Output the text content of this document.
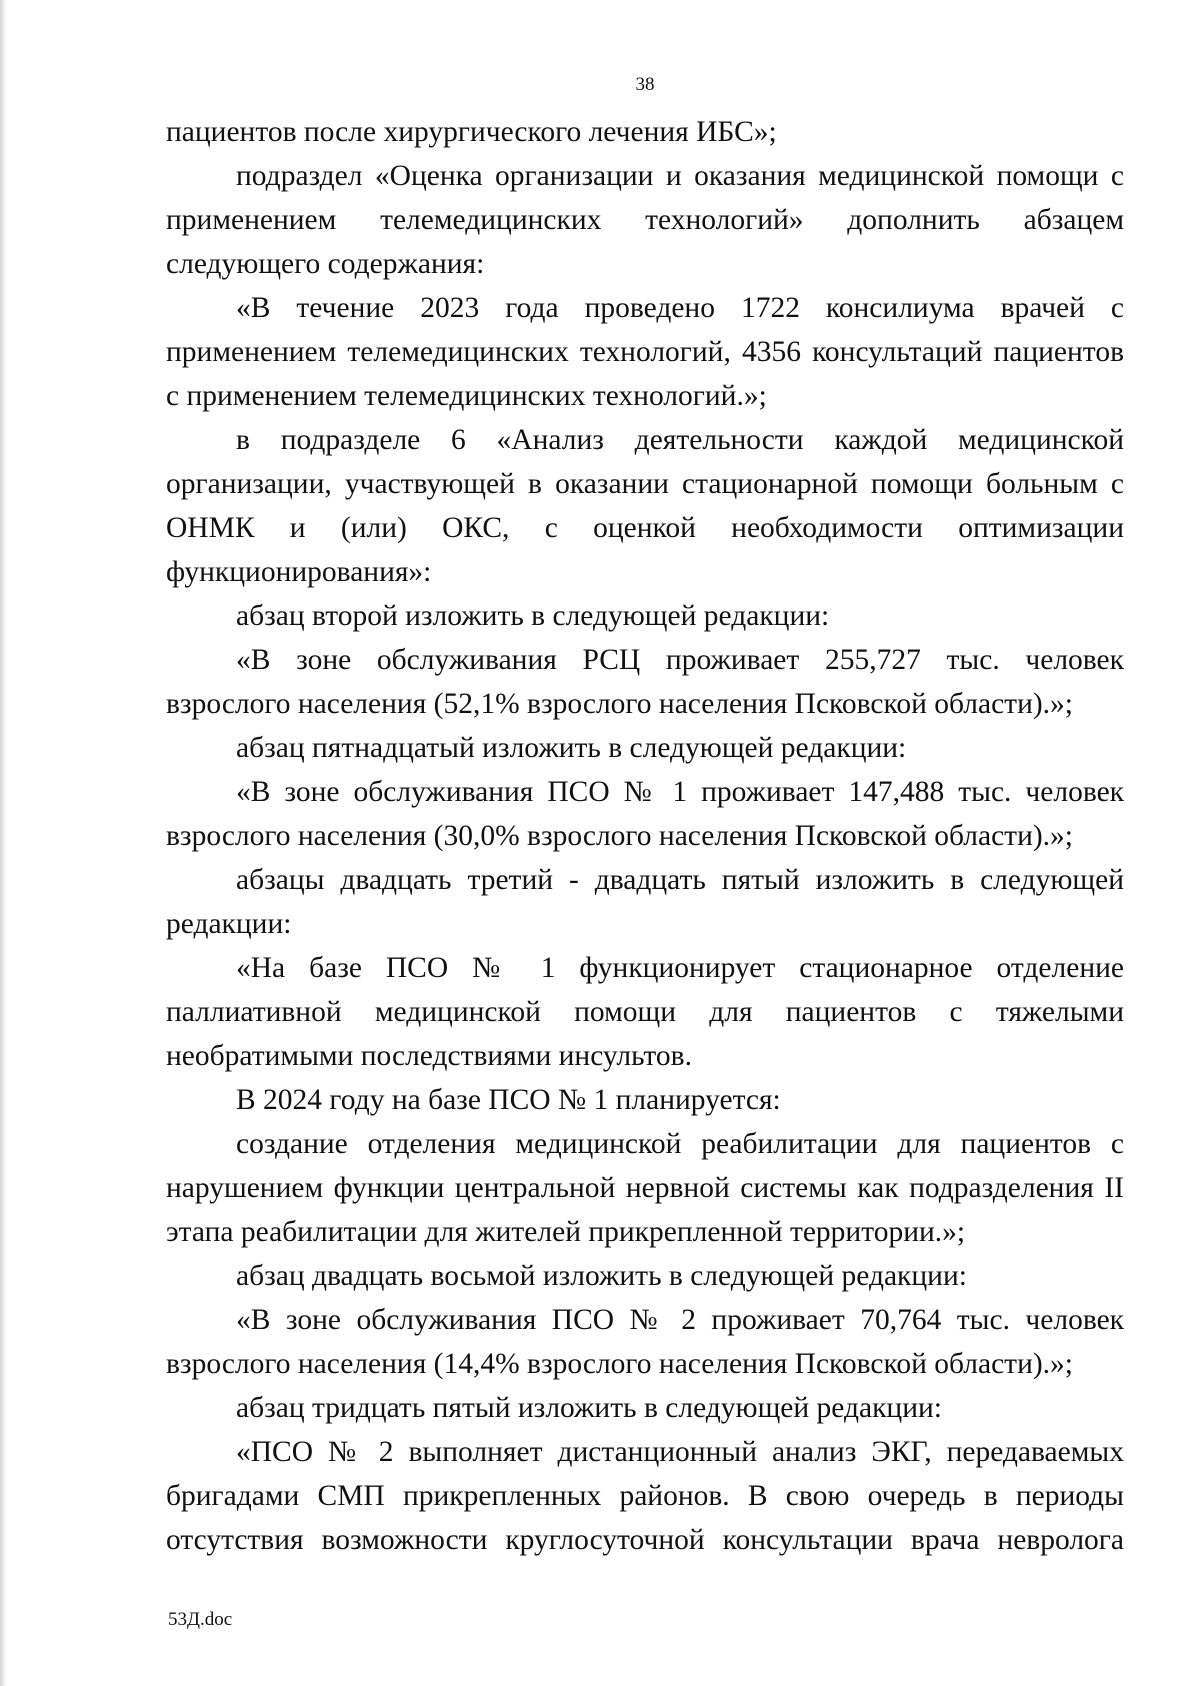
38

пациентов после хирургического лечения ИБС»;

подраздел «Оценка организации и оказания медицинской помощи с применением телемедицинских технологий» дополнить абзацем следующего содержания:

«В течение 2023 года проведено 1722 консилиума врачей с применением телемедицинских технологий, 4356 консультаций пациентов с применением телемедицинских технологий.»;

в подразделе 6 «Анализ деятельности каждой медицинской организации, участвующей в оказании стационарной помощи больным с ОНМК и (или) ОКС, с оценкой необходимости оптимизации функционирования»:

абзац второй изложить в следующей редакции:

«В зоне обслуживания РСЦ проживает 255,727 тыс. человек взрослого населения (52,1% взрослого населения Псковской области).»;

абзац пятнадцатый изложить в следующей редакции:

«В зоне обслуживания ПСО № 1 проживает 147,488 тыс. человек взрослого населения (30,0% взрослого населения Псковской области).»;

абзацы двадцать третий - двадцать пятый изложить в следующей редакции:

«На базе ПСО № 1 функционирует стационарное отделение паллиативной медицинской помощи для пациентов с тяжелыми необратимыми последствиями инсультов.

В 2024 году на базе ПСО № 1 планируется:

создание отделения медицинской реабилитации для пациентов с нарушением функции центральной нервной системы как подразделения II этапа реабилитации для жителей прикрепленной территории.»;

абзац двадцать восьмой изложить в следующей редакции:

«В зоне обслуживания ПСО № 2 проживает 70,764 тыс. человек взрослого населения (14,4% взрослого населения Псковской области).»;

абзац тридцать пятый изложить в следующей редакции:

«ПСО № 2 выполняет дистанционный анализ ЭКГ, передаваемых бригадами СМП прикрепленных районов. В свою очередь в периоды отсутствия возможности круглосуточной консультации врача невролога

53Д.doc
